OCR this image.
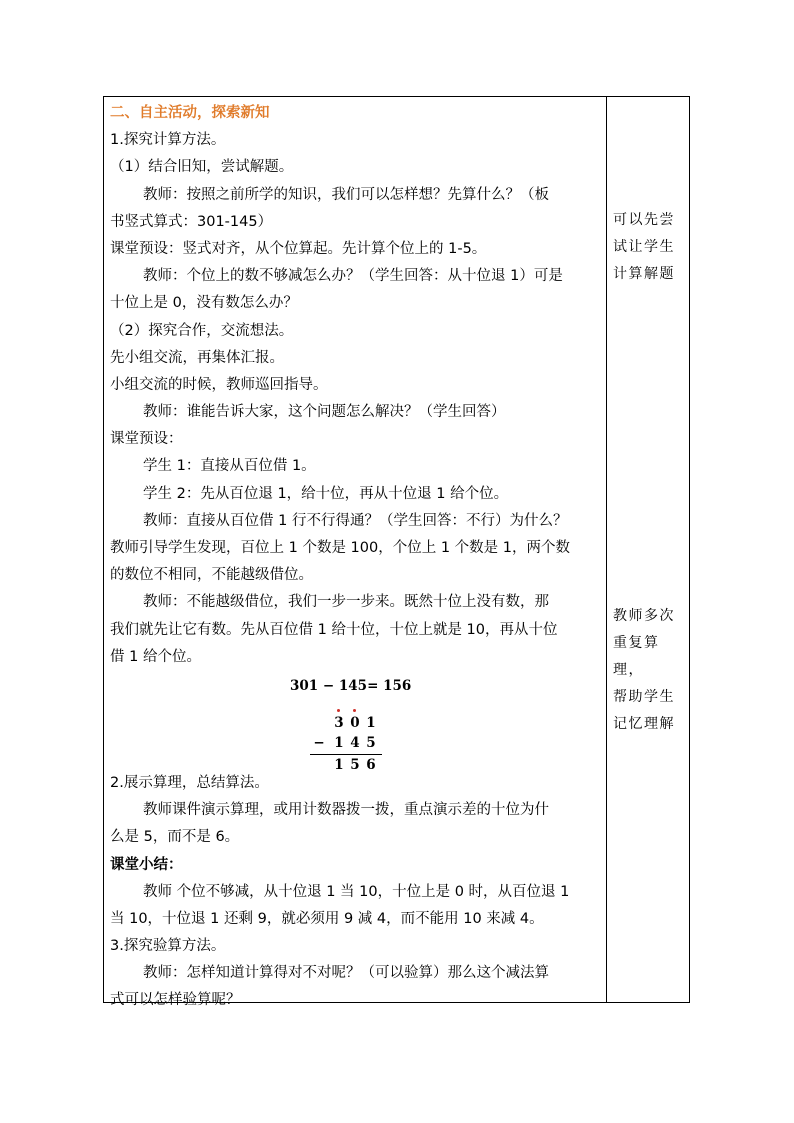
二、自主活动，探索新知
1.探究计算方法。
（1）结合旧知，尝试解题。
教师：按照之前所学的知识，我们可以怎样想？先算什么？（板
书竖式算式：301-145）
课堂预设：竖式对齐，从个位算起。先计算个位上的 1-5。
教师：个位上的数不够减怎么办？（学生回答：从十位退 1）可是
十位上是 0，没有数怎么办？
（2）探究合作，交流想法。
先小组交流，再集体汇报。
小组交流的时候，教师巡回指导。
教师：谁能告诉大家，这个问题怎么解决？（学生回答）
课堂预设：
学生 1：直接从百位借 1。
学生 2：先从百位退 1，给十位，再从十位退 1 给个位。
教师：直接从百位借 1 行不行得通？（学生回答：不行）为什么？
教师引导学生发现，百位上 1 个数是 100，个位上 1 个数是 1，两个数
的数位不相同，不能越级借位。
教师：不能越级借位，我们一步一步来。既然十位上没有数，那
我们就先让它有数。先从百位借 1 给十位，十位上就是 10，再从十位
借 1 给个位。
301 − 145= 156
3 0 1
− 1 4 5
1 5 6
2.展示算理，总结算法。
教师课件演示算理，或用计数器拨一拨，重点演示差的十位为什
么是 5，而不是 6。
课堂小结：
教师 个位不够减，从十位退 1 当 10，十位上是 0 时，从百位退 1
当 10，十位退 1 还剩 9，就必须用 9 减 4，而不能用 10 来减 4。
3.探究验算方法。
教师：怎样知道计算得对不对呢？（可以验算）那么这个减法算
式可以怎样验算呢？
可以先尝
试让学生
计算解题
教师多次
重复算理，
帮助学生
记忆理解
